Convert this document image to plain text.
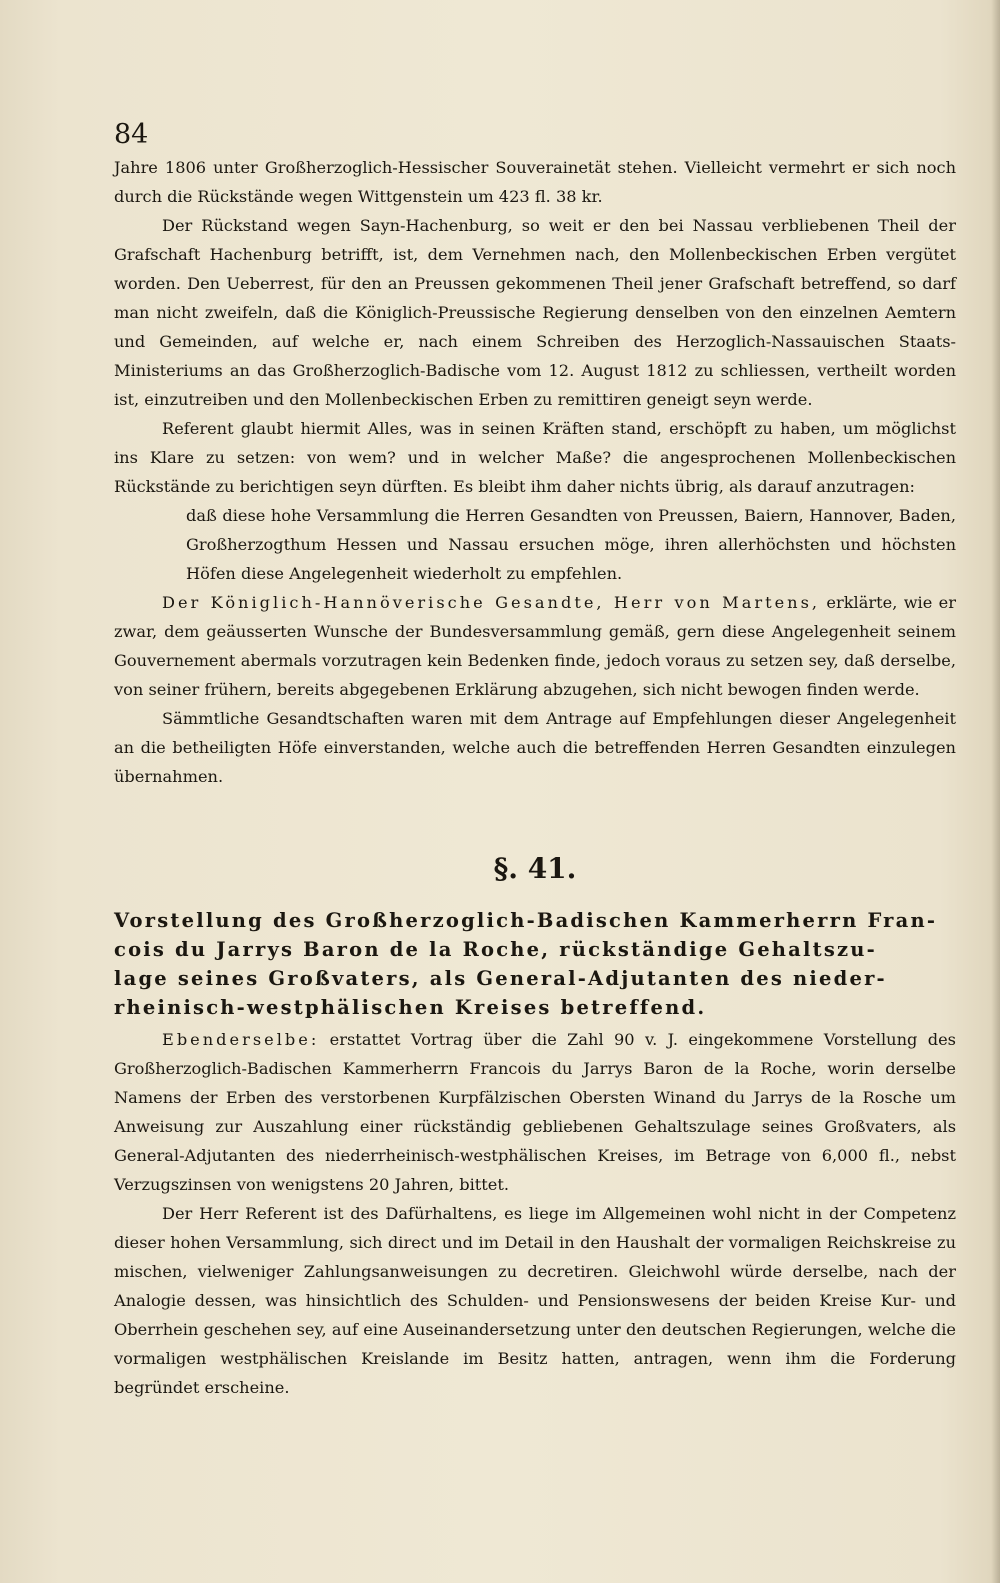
84

Jahre 1806 unter Großherzoglich-Hessischer Souverainetät stehen. Vielleicht vermehrt er sich noch durch die Rückstände wegen Wittgenstein um 423 fl. 38 kr.

Der Rückstand wegen Sayn-Hachenburg, so weit er den bei Nassau verbliebenen Theil der Grafschaft Hachenburg betrifft, ist, dem Vernehmen nach, den Mollenbeckischen Erben vergütet worden. Den Ueberrest, für den an Preussen gekommenen Theil jener Grafschaft betreffend, so darf man nicht zweifeln, daß die Königlich-Preussische Regierung denselben von den einzelnen Aemtern und Gemeinden, auf welche er, nach einem Schreiben des Herzoglich-Nassauischen Staats-Ministeriums an das Großherzoglich-Badische vom 12. August 1812 zu schliessen, vertheilt worden ist, einzutreiben und den Mollenbeckischen Erben zu remittiren geneigt seyn werde.

Referent glaubt hiermit Alles, was in seinen Kräften stand, erschöpft zu haben, um möglichst ins Klare zu setzen: von wem? und in welcher Maße? die angesprochenen Mollenbeckischen Rückstände zu berichtigen seyn dürften. Es bleibt ihm daher nichts übrig, als darauf anzutragen:

daß diese hohe Versammlung die Herren Gesandten von Preussen, Baiern, Hannover, Baden, Großherzogthum Hessen und Nassau ersuchen möge, ihren allerhöchsten und höchsten Höfen diese Angelegenheit wiederholt zu empfehlen.

Der Königlich-Hannöverische Gesandte, Herr von Martens, erklärte, wie er zwar, dem geäusserten Wunsche der Bundesversammlung gemäß, gern diese Angelegenheit seinem Gouvernement abermals vorzutragen kein Bedenken finde, jedoch voraus zu setzen sey, daß derselbe, von seiner frühern, bereits abgegebenen Erklärung abzugehen, sich nicht bewogen finden werde.

Sämmtliche Gesandtschaften waren mit dem Antrage auf Empfehlungen dieser Angelegenheit an die betheiligten Höfe einverstanden, welche auch die betreffenden Herren Gesandten einzulegen übernahmen.

§. 41.
Vorstellung des Großherzoglich-Badischen Kammerherrn Fran-
cois du Jarrys Baron de la Roche, rückständige Gehaltszu-
lage seines Großvaters, als General-Adjutanten des nieder-
rheinisch-westphälischen Kreises betreffend.

Ebenderselbe: erstattet Vortrag über die Zahl 90 v. J. eingekommene Vorstellung des Großherzoglich-Badischen Kammerherrn Francois du Jarrys Baron de la Roche, worin derselbe Namens der Erben des verstorbenen Kurpfälzischen Obersten Winand du Jarrys de la Rosche um Anweisung zur Auszahlung einer rückständig gebliebenen Gehaltszulage seines Großvaters, als General-Adjutanten des niederrheinisch-westphälischen Kreises, im Betrage von 6,000 fl., nebst Verzugszinsen von wenigstens 20 Jahren, bittet.

Der Herr Referent ist des Dafürhaltens, es liege im Allgemeinen wohl nicht in der Competenz dieser hohen Versammlung, sich direct und im Detail in den Haushalt der vormaligen Reichskreise zu mischen, vielweniger Zahlungsanweisungen zu decretiren. Gleichwohl würde derselbe, nach der Analogie dessen, was hinsichtlich des Schulden- und Pensionswesens der beiden Kreise Kur- und Oberrhein geschehen sey, auf eine Auseinandersetzung unter den deutschen Regierungen, welche die vormaligen westphälischen Kreislande im Besitz hatten, antragen, wenn ihm die Forderung begründet erscheine.
